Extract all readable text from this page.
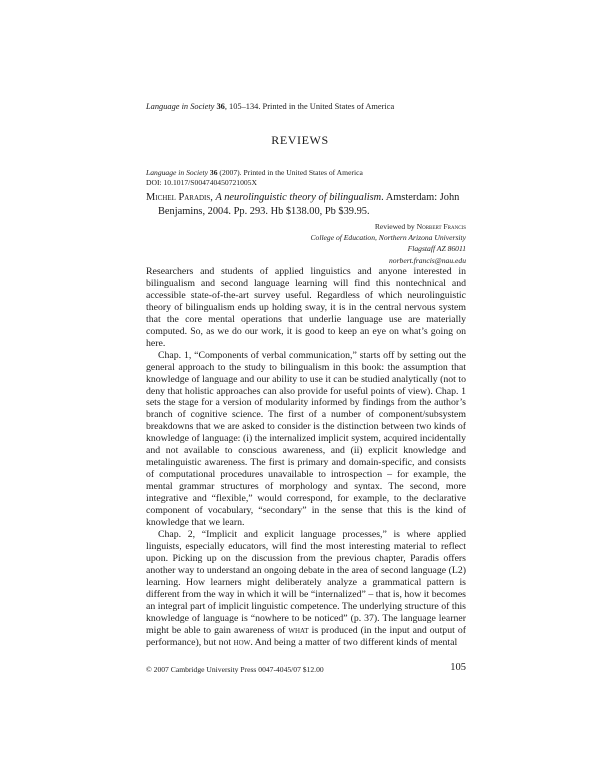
Language in Society 36, 105–134. Printed in the United States of America
REVIEWS
Language in Society 36 (2007). Printed in the United States of America
DOI: 10.1017/S004740450721005X
Michel Paradis, A neurolinguistic theory of bilingualism. Amsterdam: John Benjamins, 2004. Pp. 293. Hb $138.00, Pb $39.95.
Reviewed by Norbert Francis
College of Education, Northern Arizona University
Flagstaff AZ 86011
norbert.francis@nau.edu

Researchers and students of applied linguistics and anyone interested in bilingualism and second language learning will find this nontechnical and accessible state-of-the-art survey useful. Regardless of which neurolinguistic theory of bilingualism ends up holding sway, it is in the central nervous system that the core mental operations that underlie language use are materially computed. So, as we do our work, it is good to keep an eye on what’s going on here.

Chap. 1, “Components of verbal communication,” starts off by setting out the general approach to the study to bilingualism in this book: the assumption that knowledge of language and our ability to use it can be studied analytically (not to deny that holistic approaches can also provide for useful points of view). Chap. 1 sets the stage for a version of modularity informed by findings from the author’s branch of cognitive science. The first of a number of component/subsystem breakdowns that we are asked to consider is the distinction between two kinds of knowledge of language: (i) the internalized implicit system, acquired incidentally and not available to conscious awareness, and (ii) explicit knowledge and metalinguistic awareness. The first is primary and domain-specific, and consists of computational procedures unavailable to introspection – for example, the mental grammar structures of morphology and syntax. The second, more integrative and “flexible,” would correspond, for example, to the declarative component of vocabulary, “secondary” in the sense that this is the kind of knowledge that we learn.

Chap. 2, “Implicit and explicit language processes,” is where applied linguists, especially educators, will find the most interesting material to reflect upon. Picking up on the discussion from the previous chapter, Paradis offers another way to understand an ongoing debate in the area of second language (L2) learning. How learners might deliberately analyze a grammatical pattern is different from the way in which it will be “internalized” – that is, how it becomes an integral part of implicit linguistic competence. The underlying structure of this knowledge of language is “nowhere to be noticed” (p. 37). The language learner might be able to gain awareness of what is produced (in the input and output of performance), but not how. And being a matter of two different kinds of mental

© 2007 Cambridge University Press 0047-4045/07 $12.00	105
